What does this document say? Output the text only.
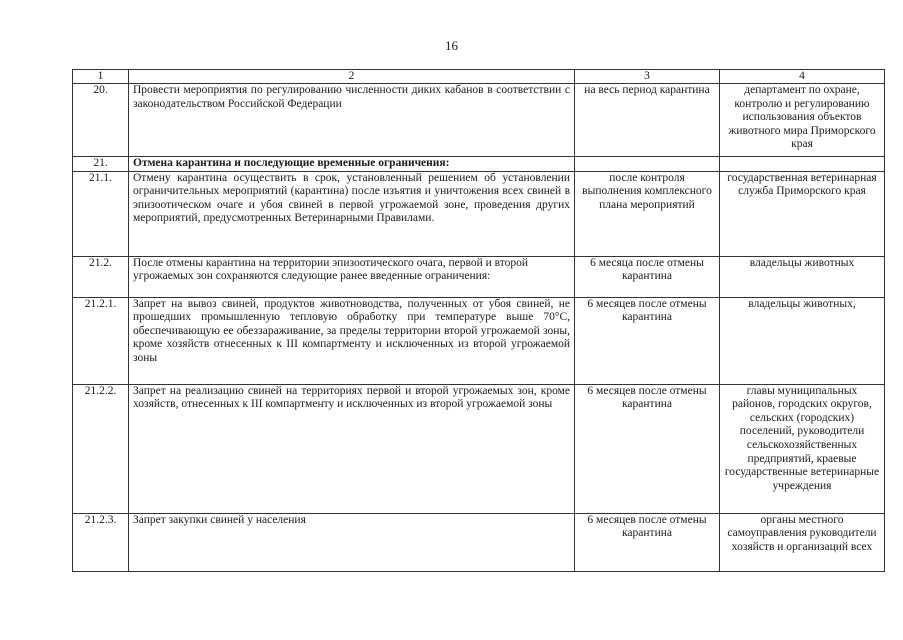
16
1	2	3	4
20.	Провести мероприятия по регулированию численности диких кабанов в соответствии с законодательством Российской Федерации	на весь период карантина	департамент по охране, контролю и регулированию использования объектов животного мира Приморского края
21.	Отмена карантина и последующие временные ограничения:		
21.1.	Отмену карантина осуществить в срок, установленный решением об установлении ограничительных мероприятий (карантина) после изъятия и уничтожения всех свиней в эпизоотическом очаге и убоя свиней в первой угрожаемой зоне, проведения других мероприятий, предусмотренных Ветеринарными Правилами.	после контроля выполнения комплексного плана мероприятий	государственная ветеринарная служба Приморского края
21.2.	После отмены карантина на территории эпизоотического очага, первой и второй угрожаемых зон сохраняются следующие ранее введенные ограничения:	6 месяца после отмены карантина	владельцы животных
21.2.1.	Запрет на вывоз свиней, продуктов животноводства, полученных от убоя свиней, не прошедших промышленную тепловую обработку при температуре выше 70°С, обеспечивающую ее обеззараживание, за пределы территории второй угрожаемой зоны, кроме хозяйств отнесенных к III компартменту и исключенных из второй угрожаемой зоны	6 месяцев после отмены карантина	владельцы животных,
21.2.2.	Запрет на реализацию свиней на территориях первой и второй угрожаемых зон, кроме хозяйств, отнесенных к III компартменту и исключенных из второй угрожаемой зоны	6 месяцев после отмены карантина	главы муниципальных районов, городских округов, сельских (городских) поселений, руководители сельскохозяйственных предприятий, краевые государственные ветеринарные учреждения
21.2.3.	Запрет закупки свиней у населения	6 месяцев после отмены карантина	органы местного самоуправления руководители хозяйств и организаций всех
